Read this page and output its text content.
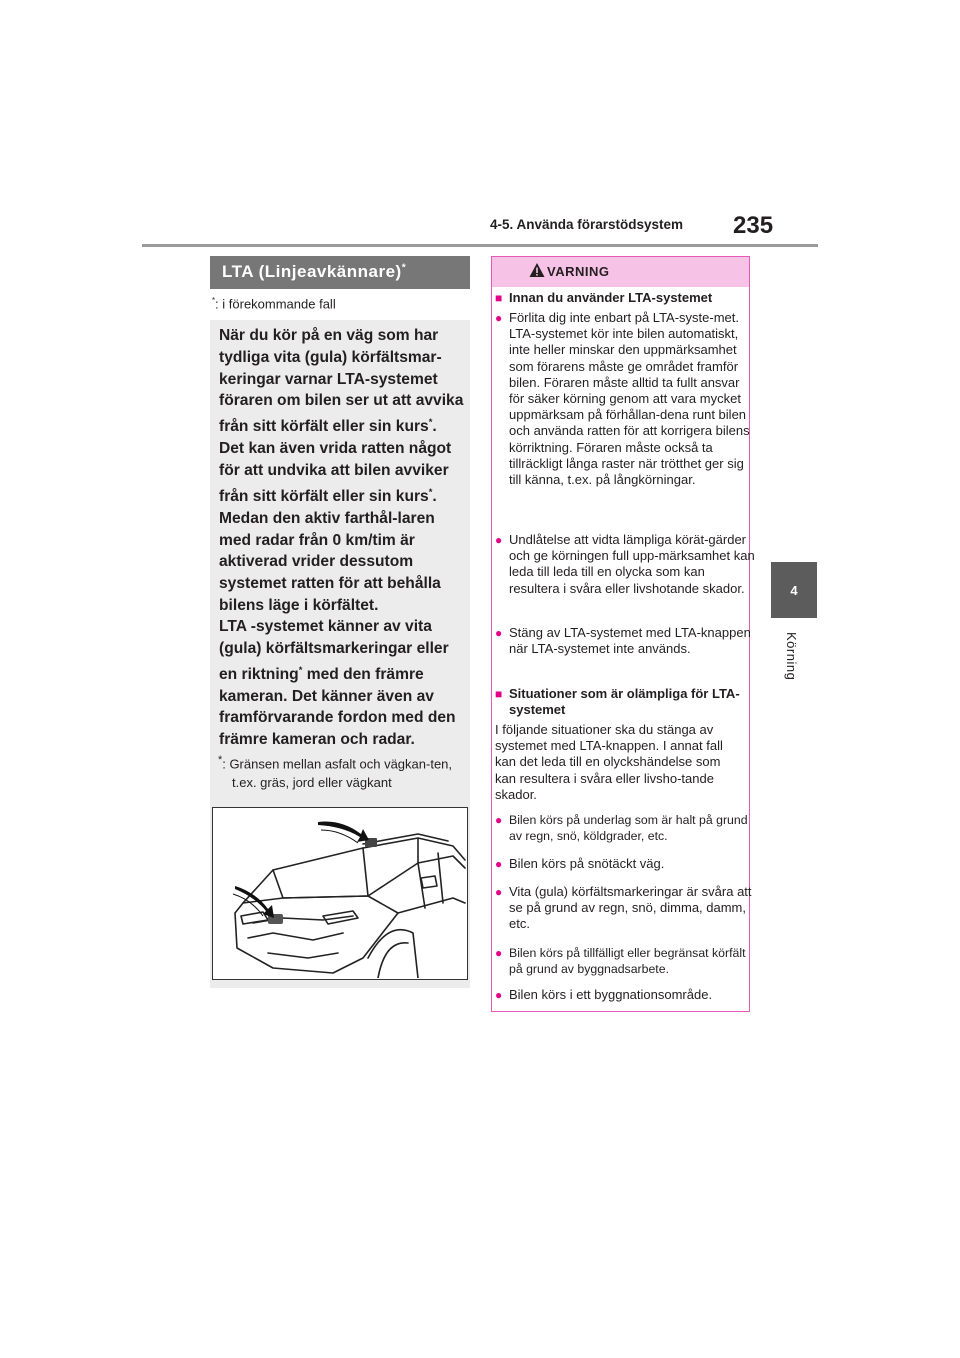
4-5. Använda förarstödsystem 235
4
Körning
LTA (Linjeavkännare)*
*: i förekommande fall

När du kör på en väg som har tydliga vita (gula) körfältsmar-keringar varnar LTA-systemet föraren om bilen ser ut att avvika från sitt körfält eller sin kurs*. Det kan även vrida ratten något för att undvika att bilen avviker från sitt körfält eller sin kurs*. Medan den aktiv farthål-laren med radar från 0 km/tim är aktiverad vrider dessutom systemet ratten för att behålla bilens läge i körfältet.

LTA -systemet känner av vita (gula) körfältsmarkeringar eller en riktning* med den främre kameran. Det känner även av framförvarande fordon med den främre kameran och radar.

*: Gränsen mellan asfalt och vägkan-ten, t.ex. gräs, jord eller vägkant

VARNING

■ Innan du använder LTA-systemet

● Förlita dig inte enbart på LTA-syste-met. LTA-systemet kör inte bilen automatiskt, inte heller minskar den uppmärksamhet som förarens måste ge området framför bilen. Föraren måste alltid ta fullt ansvar för säker körning genom att vara mycket uppmärksam på förhållan-dena runt bilen och använda ratten för att korrigera bilens körriktning. Föraren måste också ta tillräckligt långa raster när trötthet ger sig till känna, t.ex. på långkörningar.

● Undlåtelse att vidta lämpliga körät-gärder och ge körningen full upp-märksamhet kan leda till leda till en olycka som kan resultera i svåra eller livshotande skador.

● Stäng av LTA-systemet med LTA-knappen när LTA-systemet inte används.

■ Situationer som är olämpliga för LTA-systemet

I följande situationer ska du stänga av systemet med LTA-knappen. I annat fall kan det leda till en olyckshändelse som kan resultera i svåra eller livsho-tande skador.

● Bilen körs på underlag som är halt på grund av regn, snö, köldgrader, etc.

● Bilen körs på snötäckt väg.

● Vita (gula) körfältsmarkeringar är svåra att se på grund av regn, snö, dimma, damm, etc.

● Bilen körs på tillfälligt eller begränsat körfält på grund av byggnadsarbete.

● Bilen körs i ett byggnationsområde.
